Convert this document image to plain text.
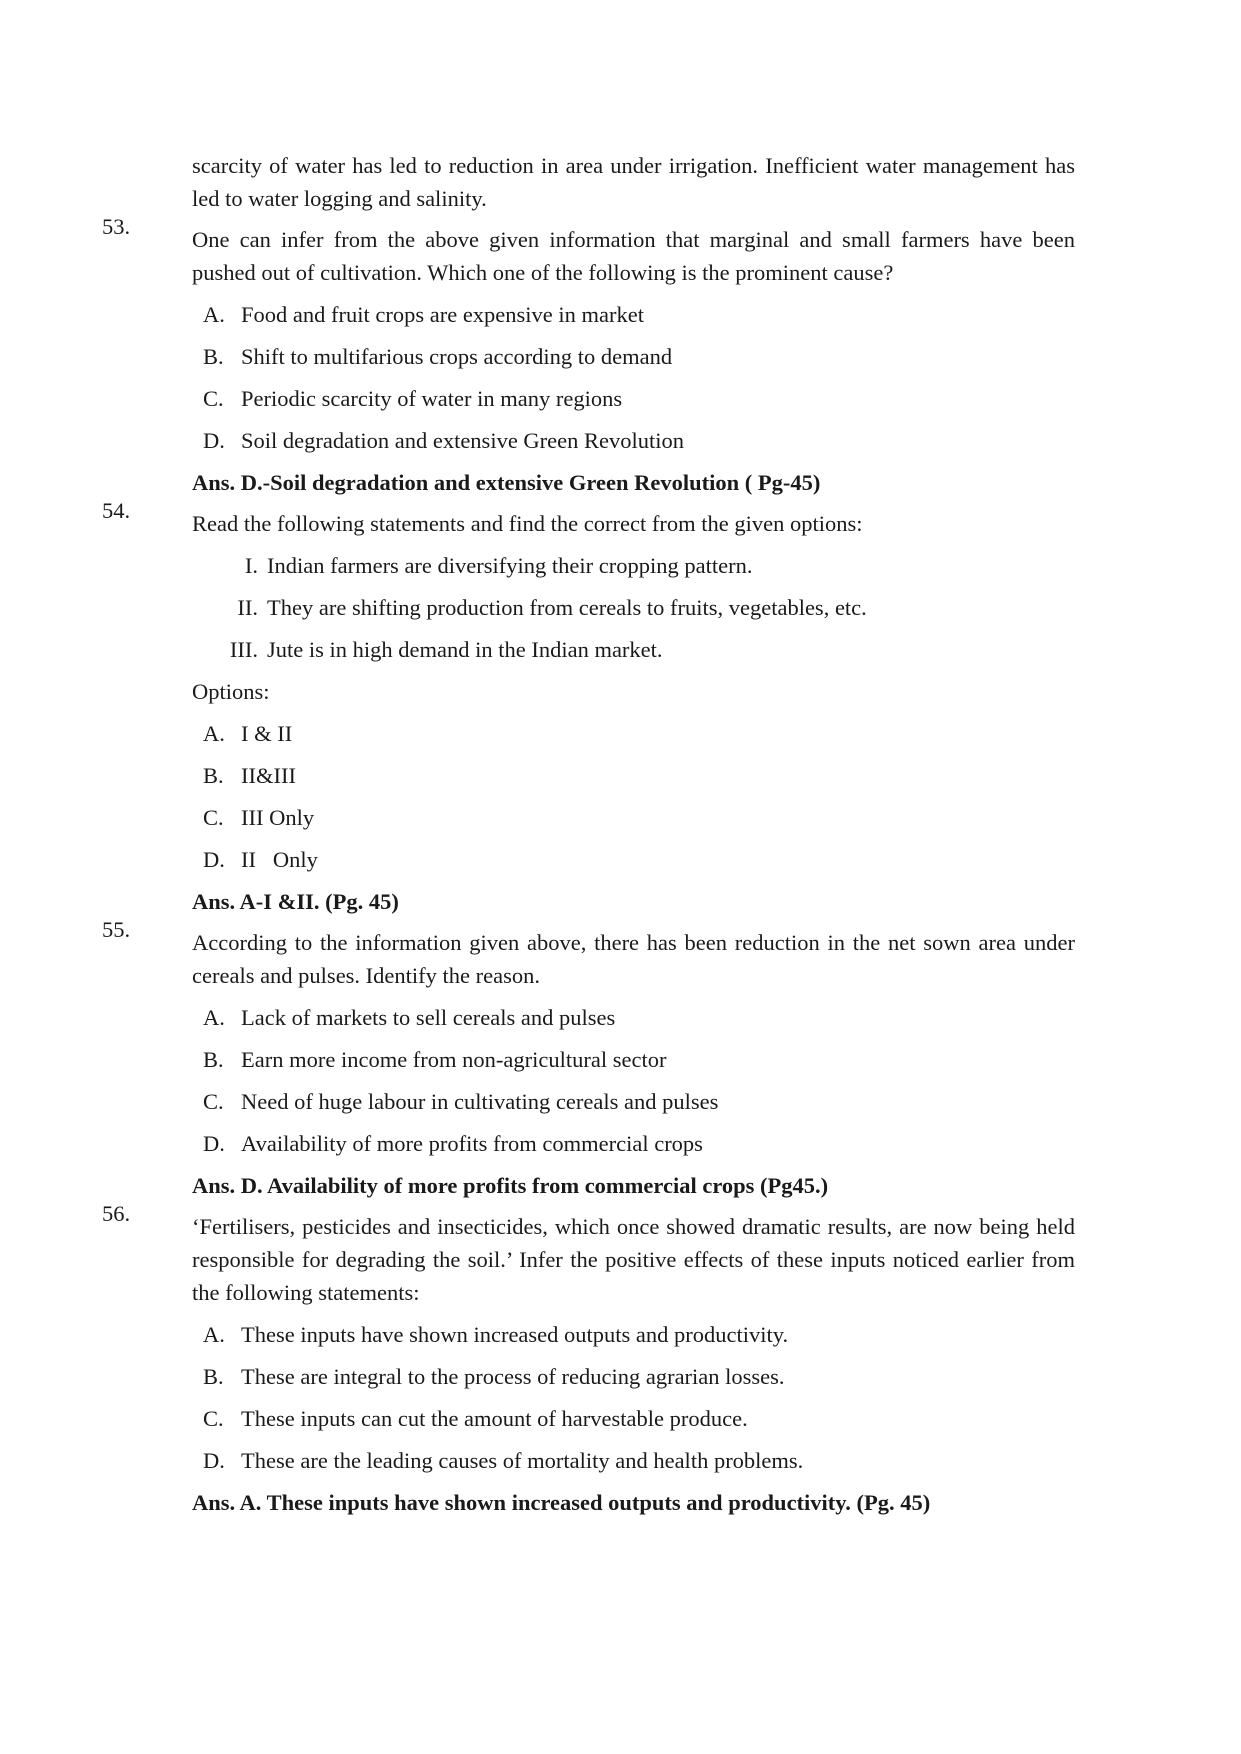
scarcity of water has led to reduction in area under irrigation. Inefficient water management has led to water logging and salinity.

53.

One can infer from the above given information that marginal and small farmers have been pushed out of cultivation. Which one of the following is the prominent cause?

A. Food and fruit crops are expensive in market
B. Shift to multifarious crops according to demand
C. Periodic scarcity of water in many regions
D. Soil degradation and extensive Green Revolution
Ans. D.-Soil degradation and extensive Green Revolution ( Pg-45)
54.

Read the following statements and find the correct from the given options:

I. Indian farmers are diversifying their cropping pattern.
II. They are shifting production from cereals to fruits, vegetables, etc.
III. Jute is in high demand in the Indian market.
Options:
A. I & II
B. II&III
C. III Only
D. II   Only
Ans. A-I &II. (Pg. 45)
55.

According to the information given above, there has been reduction in the net sown area under cereals and pulses. Identify the reason.

A. Lack of markets to sell cereals and pulses
B. Earn more income from non-agricultural sector
C. Need of huge labour in cultivating cereals and pulses
D. Availability of more profits from commercial crops
Ans. D. Availability of more profits from commercial crops (Pg45.)
56.

‘Fertilisers, pesticides and insecticides, which once showed dramatic results, are now being held responsible for degrading the soil.’ Infer the positive effects of these inputs noticed earlier from the following statements:

A. These inputs have shown increased outputs and productivity.
B. These are integral to the process of reducing agrarian losses.
C. These inputs can cut the amount of harvestable produce.
D. These are the leading causes of mortality and health problems.
Ans. A. These inputs have shown increased outputs and productivity. (Pg. 45)
